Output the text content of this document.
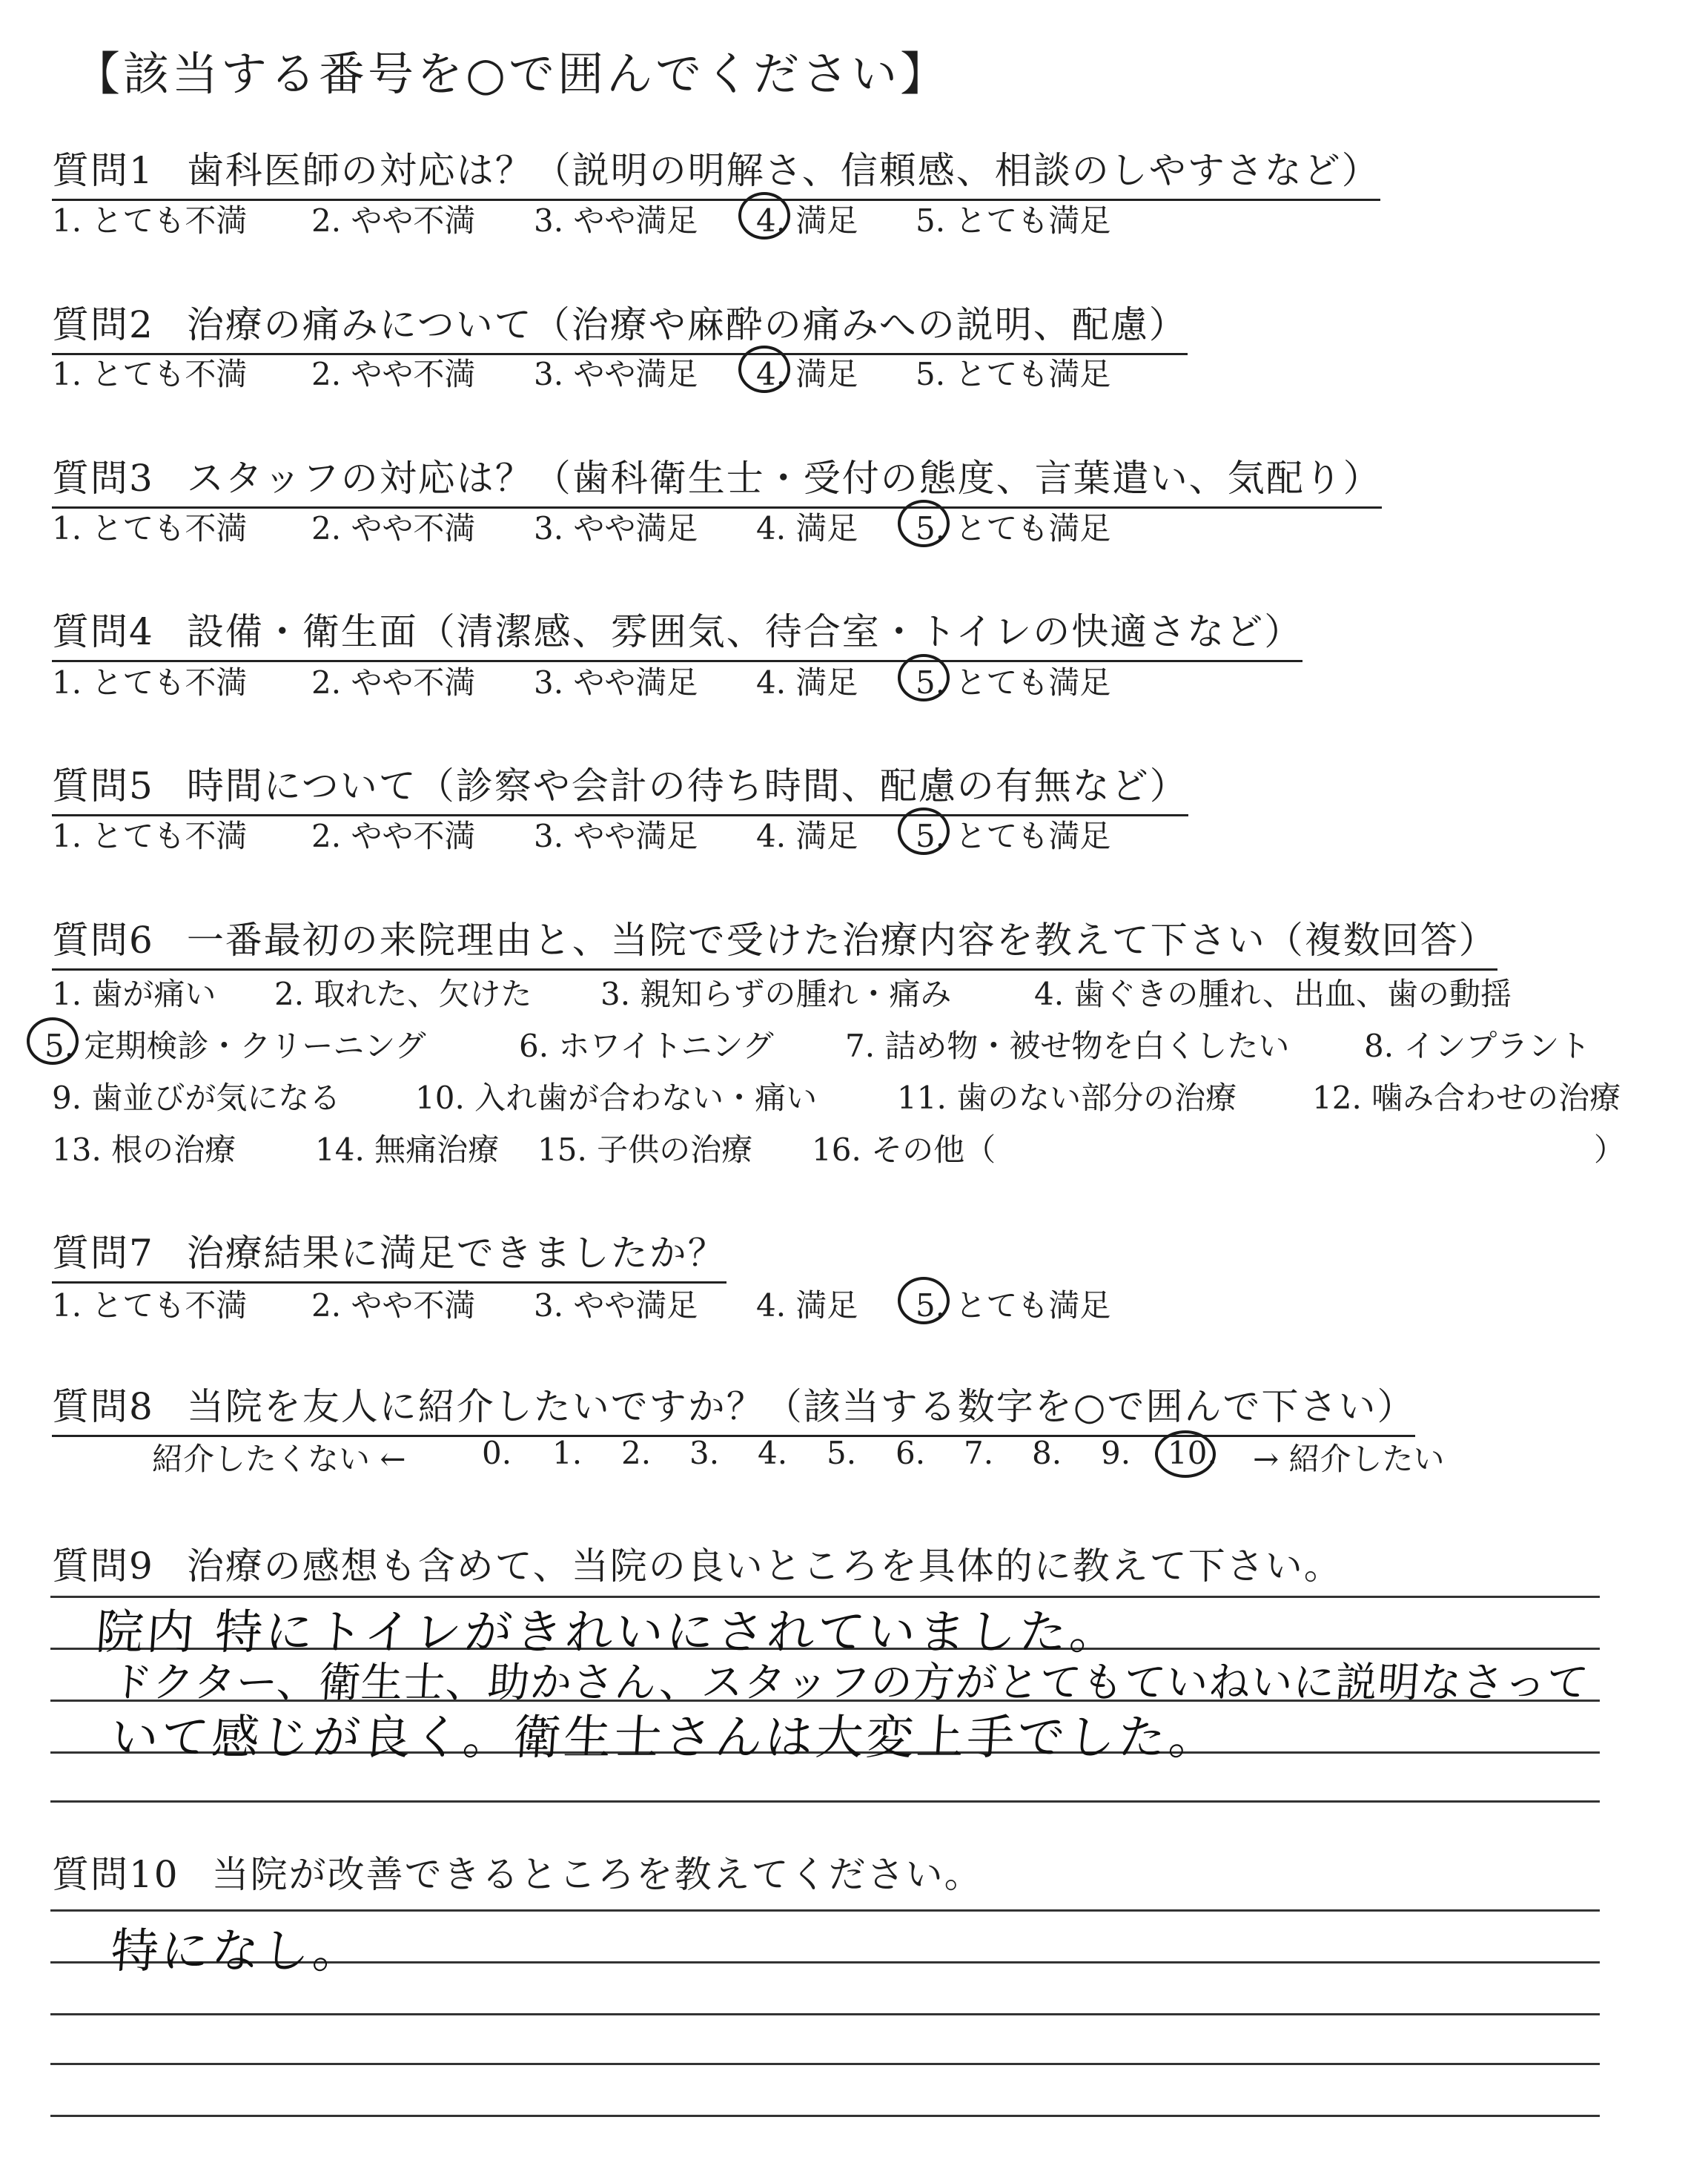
【該当する番号を○で囲んでください】
質問1 歯科医師の対応は？（説明の明解さ、信頼感、相談のしやすさなど）
1. とても不満 2. やや不満 3. やや満足 4. 満足 5. とても満足
質問2 治療の痛みについて（治療や麻酔の痛みへの説明、配慮）
1. とても不満 2. やや不満 3. やや満足 4. 満足 5. とても満足
質問3 スタッフの対応は？（歯科衛生士・受付の態度、言葉遣い、気配り）
1. とても不満 2. やや不満 3. やや満足 4. 満足 5. とても満足
質問4 設備・衛生面（清潔感、雰囲気、待合室・トイレの快適さなど）
1. とても不満 2. やや不満 3. やや満足 4. 満足 5. とても満足
質問5 時間について（診察や会計の待ち時間、配慮の有無など）
1. とても不満 2. やや不満 3. やや満足 4. 満足 5. とても満足
質問6 一番最初の来院理由と、当院で受けた治療内容を教えて下さい（複数回答）
1. 歯が痛い 2. 取れた、欠けた 3. 親知らずの腫れ・痛み	4. 歯ぐきの腫れ、出血、歯の動揺
5. 定期検診・クリーニング	6. ホワイトニング 7. 詰め物・被せ物を白くしたい 8. インプラント
9. 歯並びが気になる 10. 入れ歯が合わない・痛い	11. 歯のない部分の治療 12. 噛み合わせの治療
13. 根の治療	14. 無痛治療 15. 子供の治療 16. その他（	）
質問7 治療結果に満足できましたか？
1. とても不満 2. やや不満 3. やや満足 4. 満足 5. とても満足
質問8 当院を友人に紹介したいですか？（該当する数字を○で囲んで下さい）
紹介したくない ← 0. 1. 2. 3. 4. 5. 6. 7. 8. 9. 10. → 紹介したい
質問9 治療の感想も含めて、当院の良いところを具体的に教えて下さい。
院内 特にトイレがきれいにされていました。
ドクター、衛生士、助かさん、スタッフの方がとてもていねいに説明なさって
いて感じが良く。衛生士さんは大変上手でした。
質問10 当院が改善できるところを教えてください。
特になし。
